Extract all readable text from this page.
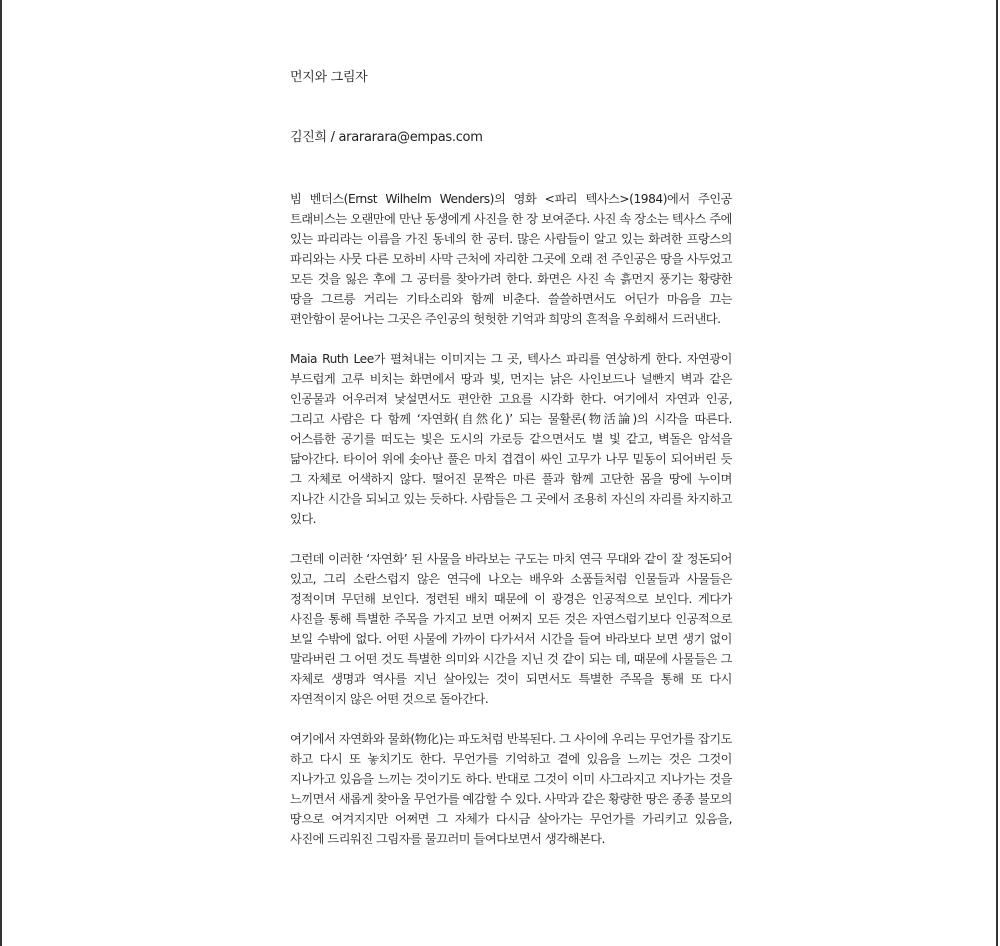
먼지와 그림자

김진희 / arararara@empas.com

빔 벤더스(Ernst Wilhelm Wenders)의 영화 <파리 텍사스>(1984)에서 주인공 트래비스는 오랜만에 만난 동생에게 사진을 한 장 보여준다. 사진 속 장소는 텍사스 주에 있는 파리라는 이름을 가진 동네의 한 공터. 많은 사람들이 알고 있는 화려한 프랑스의 파리와는 사뭇 다른 모하비 사막 근처에 자리한 그곳에 오래 전 주인공은 땅을 사두었고 모든 것을 잃은 후에 그 공터를 찾아가려 한다. 화면은 사진 속 흙먼지 풍기는 황량한 땅을 그르릉 거리는 기타소리와 함께 비춘다. 쓸쓸하면서도 어딘가 마음을 끄는 편안함이 묻어나는 그곳은 주인공의 헛헛한 기억과 희망의 흔적을 우회해서 드러낸다.

Maia Ruth Lee가 펼쳐내는 이미지는 그 곳, 텍사스 파리를 연상하게 한다. 자연광이 부드럽게 고루 비치는 화면에서 땅과 빛, 먼지는 낡은 사인보드나 널빤지 벽과 같은 인공물과 어우러져 낯설면서도 편안한 고요를 시각화 한다. 여기에서 자연과 인공, 그리고 사람은 다 함께 ‘자연화(自然化)’ 되는 물활론(物活論)의 시각을 따른다. 어스름한 공기를 떠도는 빛은 도시의 가로등 같으면서도 별 빛 같고, 벽돌은 암석을 닮아간다. 타이어 위에 솟아난 풀은 마치 겹겹이 싸인 고무가 나무 밑동이 되어버린 듯 그 자체로 어색하지 않다. 떨어진 문짝은 마른 풀과 함께 고단한 몸을 땅에 누이며 지나간 시간을 되뇌고 있는 듯하다. 사람들은 그 곳에서 조용히 자신의 자리를 차지하고 있다.

그런데 이러한 ‘자연화’ 된 사물을 바라보는 구도는 마치 연극 무대와 같이 잘 정돈되어 있고, 그리 소란스럽지 않은 연극에 나오는 배우와 소품들처럼 인물들과 사물들은 정적이며 무던해 보인다. 정련된 배치 때문에 이 광경은 인공적으로 보인다. 게다가 사진을 통해 특별한 주목을 가지고 보면 어쩌지 모든 것은 자연스럽기보다 인공적으로 보일 수밖에 없다. 어떤 사물에 가까이 다가서서 시간을 들여 바라보다 보면 생기 없이 말라버린 그 어떤 것도 특별한 의미와 시간을 지닌 것 같이 되는 데, 때문에 사물들은 그 자체로 생명과 역사를 지닌 살아있는 것이 되면서도 특별한 주목을 통해 또 다시 자연적이지 않은 어떤 것으로 돌아간다.

여기에서 자연화와 물화(物化)는 파도처럼 반복된다. 그 사이에 우리는 무언가를 잡기도 하고 다시 또 놓치기도 한다. 무언가를 기억하고 곁에 있음을 느끼는 것은 그것이 지나가고 있음을 느끼는 것이기도 하다. 반대로 그것이 이미 사그라지고 지나가는 것을 느끼면서 새롭게 찾아올 무언가를 예감할 수 있다. 사막과 같은 황량한 땅은 종종 불모의 땅으로 여겨지지만 어쩌면 그 자체가 다시금 살아가는 무언가를 가리키고 있음을, 사진에 드리워진 그림자를 물끄러미 들여다보면서 생각해본다.
